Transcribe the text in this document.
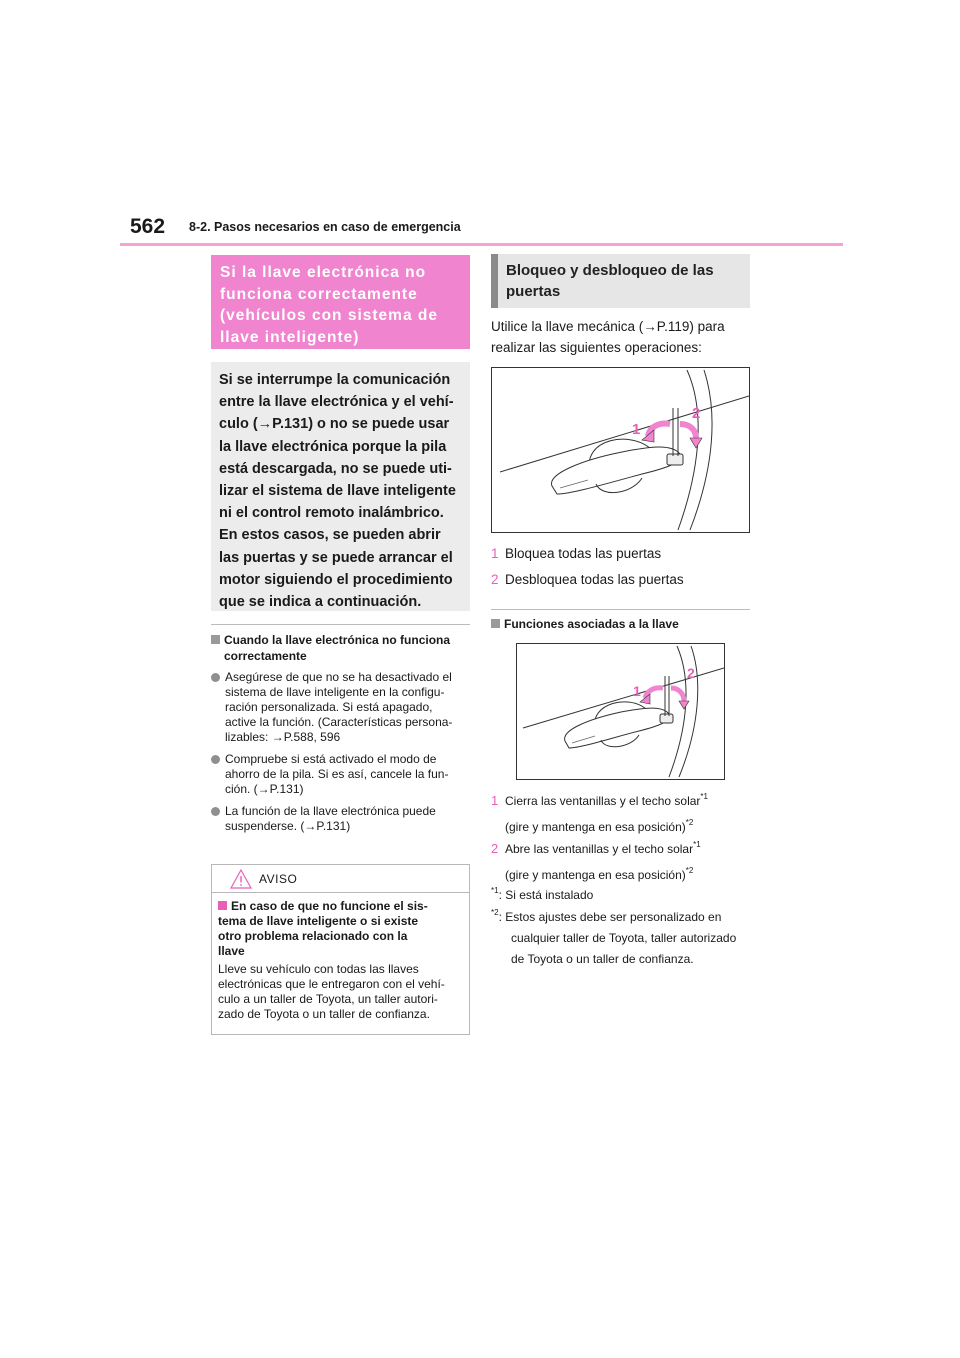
562 8-2. Pasos necesarios en caso de emergencia
Si la llave electrónica no
funciona correctamente
(vehículos con sistema de
llave inteligente)
Si se interrumpe la comunicación
entre la llave electrónica y el vehí-
culo (→P.131) o no se puede usar
la llave electrónica porque la pila
está descargada, no se puede uti-
lizar el sistema de llave inteligente
ni el control remoto inalámbrico.
En estos casos, se pueden abrir
las puertas y se puede arrancar el
motor siguiendo el procedimiento
que se indica a continuación.
Cuando la llave electrónica no funciona
correctamente
Asegúrese de que no se ha desactivado el
sistema de llave inteligente en la configu-
ración personalizada. Si está apagado,
active la función. (Características persona-
lizables: →P.588, 596
Compruebe si está activado el modo de
ahorro de la pila. Si es así, cancele la fun-
ción. (→P.131)
La función de la llave electrónica puede
suspenderse. (→P.131)
AVISO
En caso de que no funcione el sis-
tema de llave inteligente o si existe
otro problema relacionado con la
llave
Lleve su vehículo con todas las llaves
electrónicas que le entregaron con el vehí-
culo a un taller de Toyota, un taller autori-
zado de Toyota o un taller de confianza.
Bloqueo y desbloqueo de las
puertas
Utilice la llave mecánica (→P.119) para
realizar las siguientes operaciones:
1
2
1 Bloquea todas las puertas
2 Desbloquea todas las puertas
Funciones asociadas a la llave
1
2
1 Cierra las ventanillas y el techo solar$^{*1}$
(gire y mantenga en esa posición)$^{*2}$
2 Abre las ventanillas y el techo solar$^{*1}$
(gire y mantenga en esa posición)$^{*2}$
$^{*1}$: Si está instalado
$^{*2}$: Estos ajustes debe ser personalizado en
cualquier taller de Toyota, taller autorizado
de Toyota o un taller de confianza.
